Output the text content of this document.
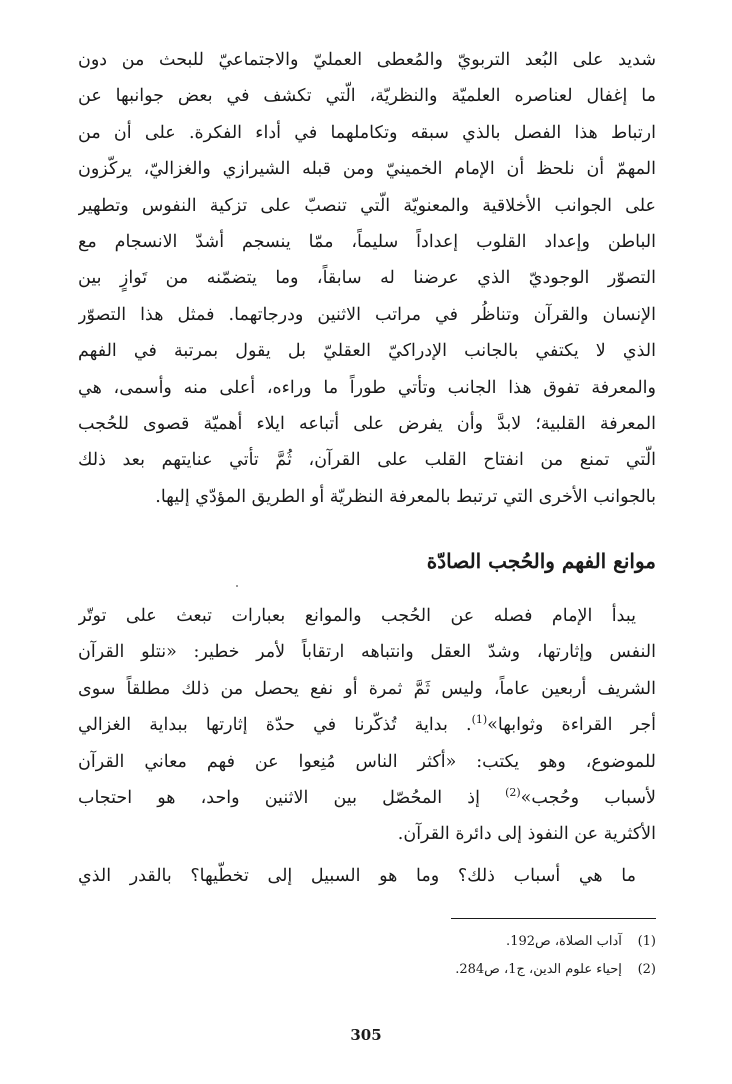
شديد على البُعد التربويّ والمُعطى العمليّ والاجتماعيّ للبحث من دون
ما إغفال لعناصره العلميّة والنظريّة، الّتي تكشف في بعض جوانبها عن
ارتباط هذا الفصل بالذي سبقه وتكاملهما في أداء الفكرة. على أن من
المهمّ أن نلحظ أن الإمام الخمينيّ ومن قبله الشيرازي والغزاليّ، يركّزون
على الجوانب الأخلاقية والمعنويّة الّتي تنصبّ على تزكية النفوس وتطهير
الباطن وإعداد القلوب إعداداً سليماً، ممّا ينسجم أشدّ الانسجام مع
التصوّر الوجوديّ الذي عرضنا له سابقاً، وما يتضمّنه من تَوازٍ بين
الإنسان والقرآن وتناظُر في مراتب الاثنين ودرجاتهما. فمثل هذا التصوّر
الذي لا يكتفي بالجانب الإدراكيّ العقليّ بل يقول بمرتبة في الفهم
والمعرفة تفوق هذا الجانب وتأتي طوراً ما وراءه، أعلى منه وأسمى، هي
المعرفة القلبية؛ لابدَّ وأن يفرض على أتباعه ايلاء أهميّة قصوى للحُجب
الّتي تمنع من انفتاح القلب على القرآن، ثُمَّ تأتي عنايتهم بعد ذلك
بالجوانب الأخرى التي ترتبط بالمعرفة النظريّة أو الطريق المؤدّي إليها.
موانع الفهم والحُجب الصادّة
يبدأ الإمام فصله عن الحُجب والموانع بعبارات تبعث على توتّر
النفس وإثارتها، وشدّ العقل وانتباهه ارتقاباً لأمر خطير: «نتلو القرآن
الشريف أربعين عاماً، وليس ثَمَّ ثمرة أو نفع يحصل من ذلك مطلقاً سوى
أجر القراءة وثوابها»$^{(1)}$. بداية تُذكّرنا في حدّة إثارتها ببداية الغزالي
للموضوع، وهو يكتب: «أكثر الناس مُنِعوا عن فهم معاني القرآن
لأسباب وحُجب»$^{(2)}$ إذ المحُصّل بين الاثنين واحد، هو احتجاب
الأكثرية عن النفوذ إلى دائرة القرآن.
ما هي أسباب ذلك؟ وما هو السبيل إلى تخطّيها؟ بالقدر الذي
(1) آداب الصلاة، ص192.
(2) إحياء علوم الدين، ج1، ص284.
305
